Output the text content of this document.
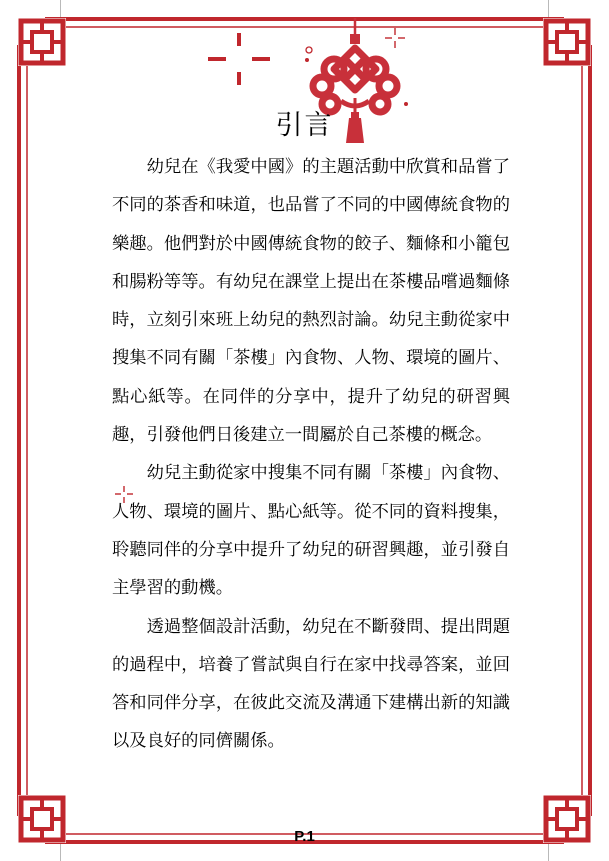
引言

幼兒在《我愛中國》的主題活動中欣賞和品嘗了不同的茶香和味道，也品嘗了不同的中國傳統食物的樂趣。他們對於中國傳統食物的餃子、麵條和小籠包和腸粉等等。有幼兒在課堂上提出在茶樓品嚐過麵條時，立刻引來班上幼兒的熱烈討論。幼兒主動從家中搜集不同有關「茶樓」內食物、人物、環境的圖片、點心紙等。在同伴的分享中，提升了幼兒的研習興趣，引發他們日後建立一間屬於自己茶樓的概念。

幼兒主動從家中搜集不同有關「茶樓」內食物、人物、環境的圖片、點心紙等。從不同的資料搜集，聆聽同伴的分享中提升了幼兒的研習興趣，並引發自主學習的動機。

透過整個設計活動，幼兒在不斷發問、提出問題的過程中，培養了嘗試與自行在家中找尋答案，並回答和同伴分享，在彼此交流及溝通下建構出新的知識以及良好的同儕關係。

P.1
